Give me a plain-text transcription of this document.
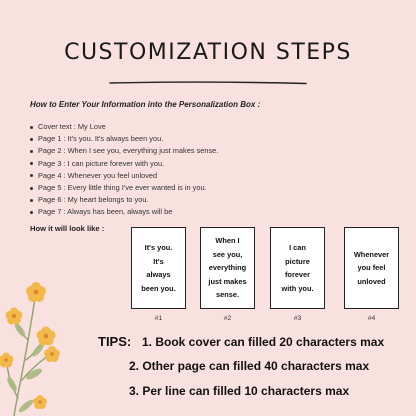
CUSTOMIZATION STEPS
How to Enter Your Information into the Personalization Box :
Cover text : My Love
Page 1 : It's you. It's always been you.
Page 2 : When I see you, everything just makes sense.
Page 3 : I can picture forever with you.
Page 4 : Whenever you feel unloved
Page 5 : Every little thing I've ever wanted is in you.
Page 6 : My heart belongs to you.
Page 7 : Always has been, always will be
How it will look like :
It's you.
It's
always
been you.
When I
see you,
everything
just makes
sense.
I can
picture
forever
with you.
Whenever
you feel
unloved
#1	#2	#3	#4
TIPS: 1. Book cover can filled 20 characters max
2. Other page can filled 40 characters max
3. Per line can filled 10 characters max
